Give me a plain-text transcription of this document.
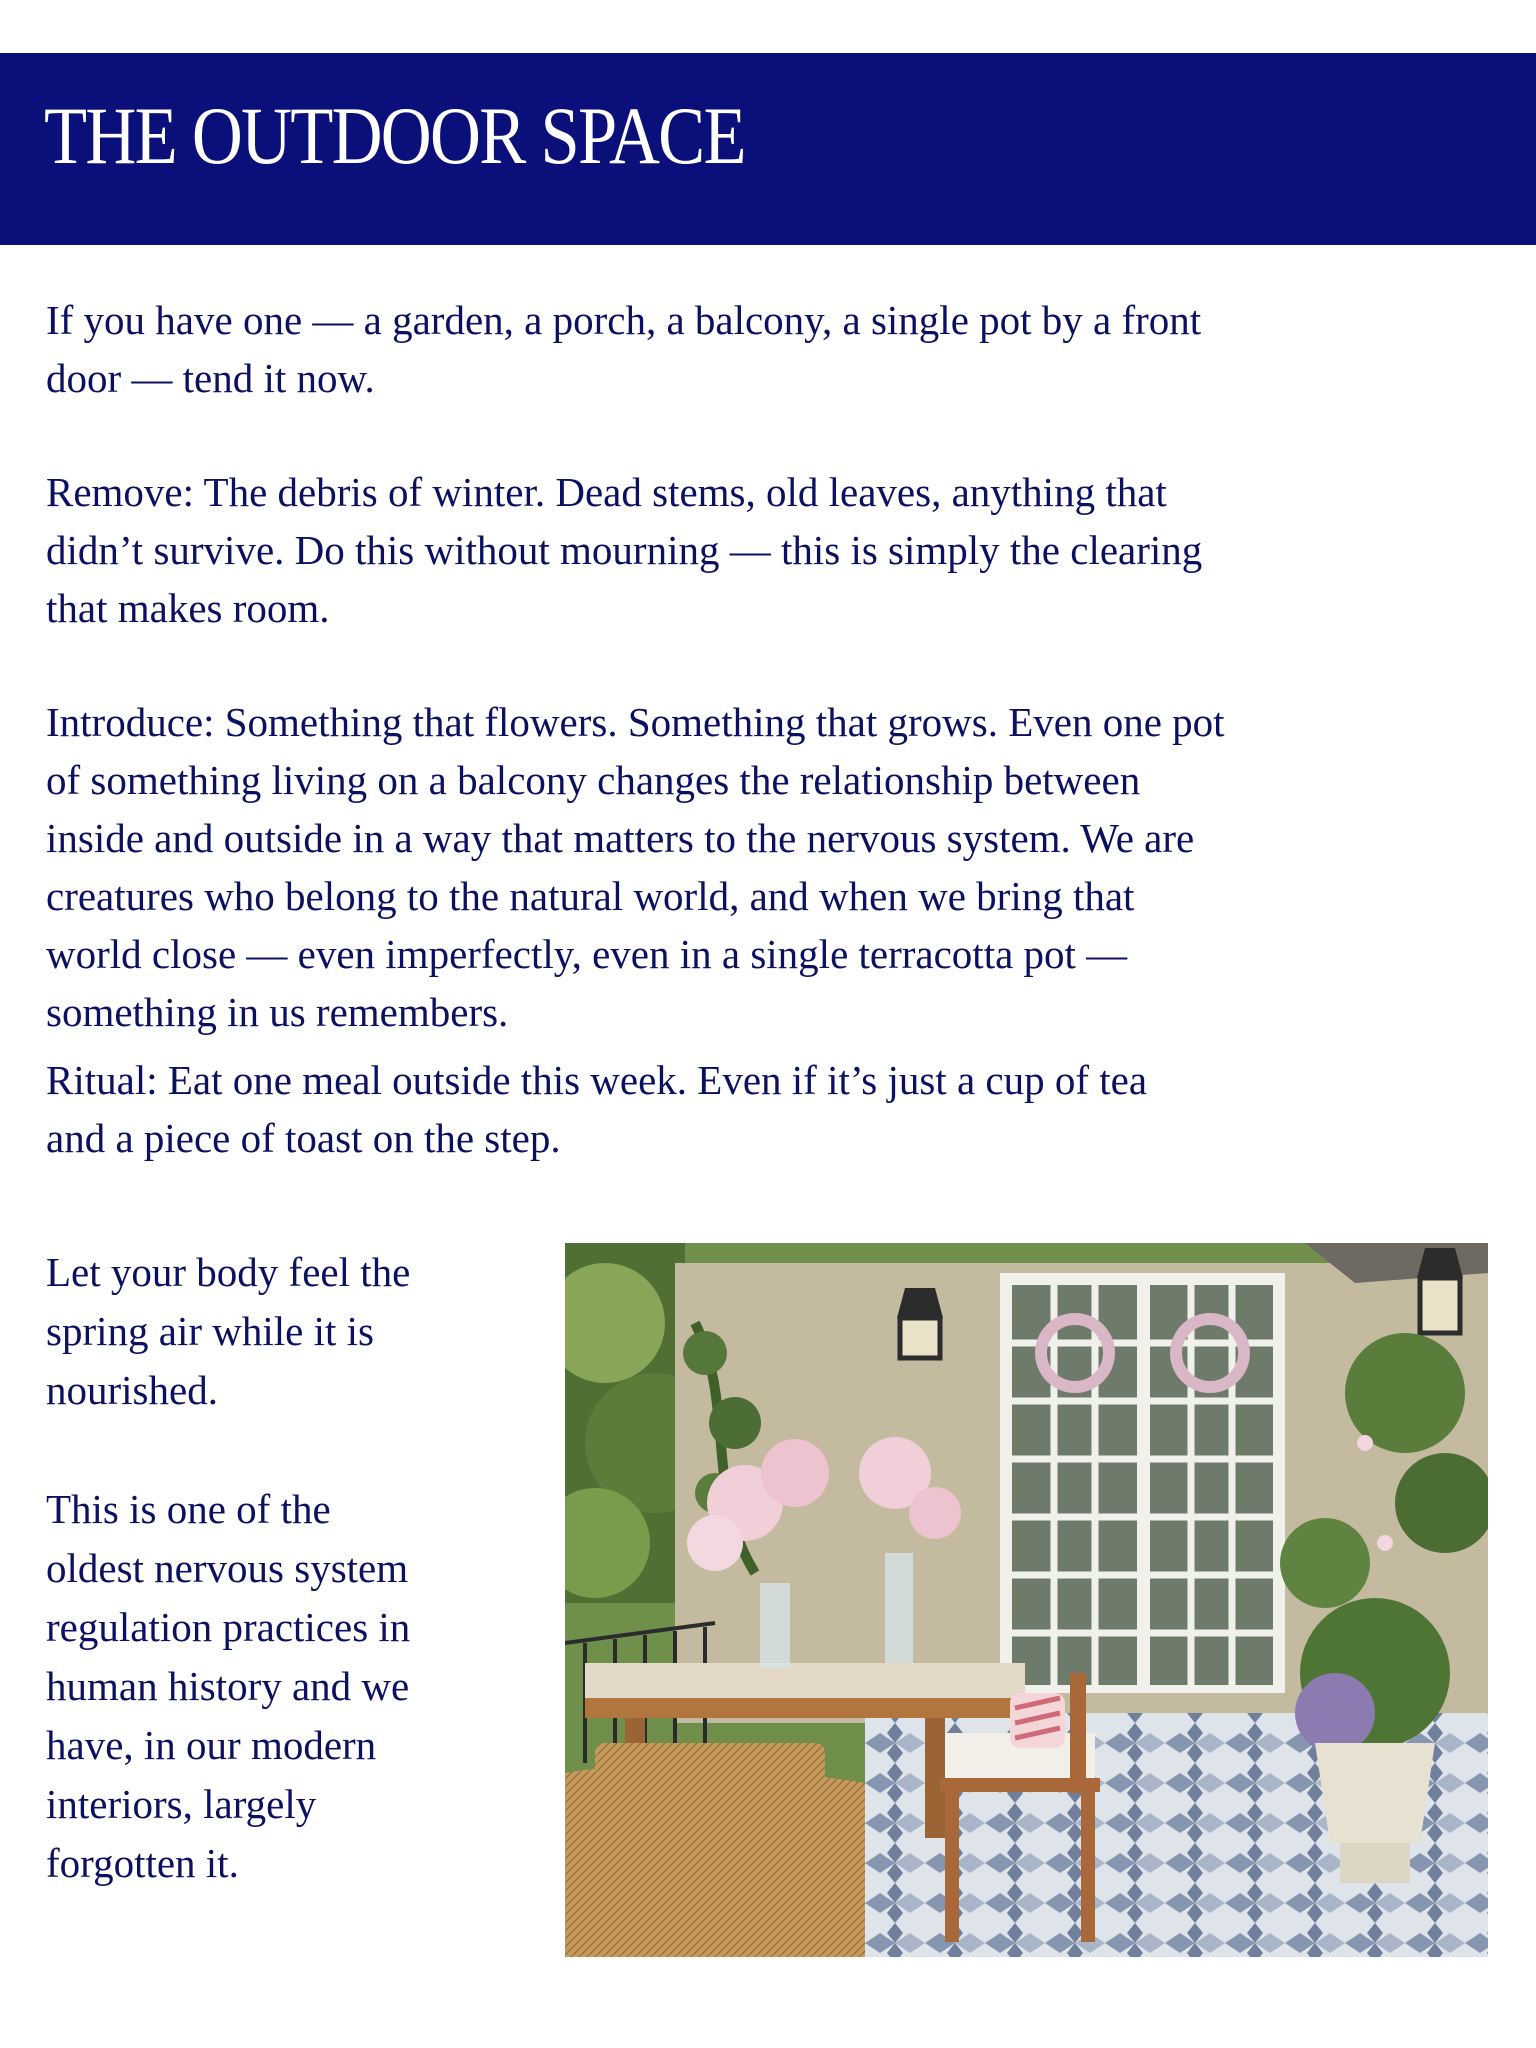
THE OUTDOOR SPACE
If you have one — a garden, a porch, a balcony, a single pot by a front
door — tend it now.
Remove: The debris of winter. Dead stems, old leaves, anything that
didn’t survive. Do this without mourning — this is simply the clearing
that makes room.
Introduce: Something that flowers. Something that grows. Even one pot
of something living on a balcony changes the relationship between
inside and outside in a way that matters to the nervous system. We are
creatures who belong to the natural world, and when we bring that
world close — even imperfectly, even in a single terracotta pot —
something in us remembers.
Ritual: Eat one meal outside this week. Even if it’s just a cup of tea
and a piece of toast on the step.
Let your body feel the
spring air while it is
nourished.
This is one of the
oldest nervous system
regulation practices in
human history and we
have, in our modern
interiors, largely
forgotten it.
